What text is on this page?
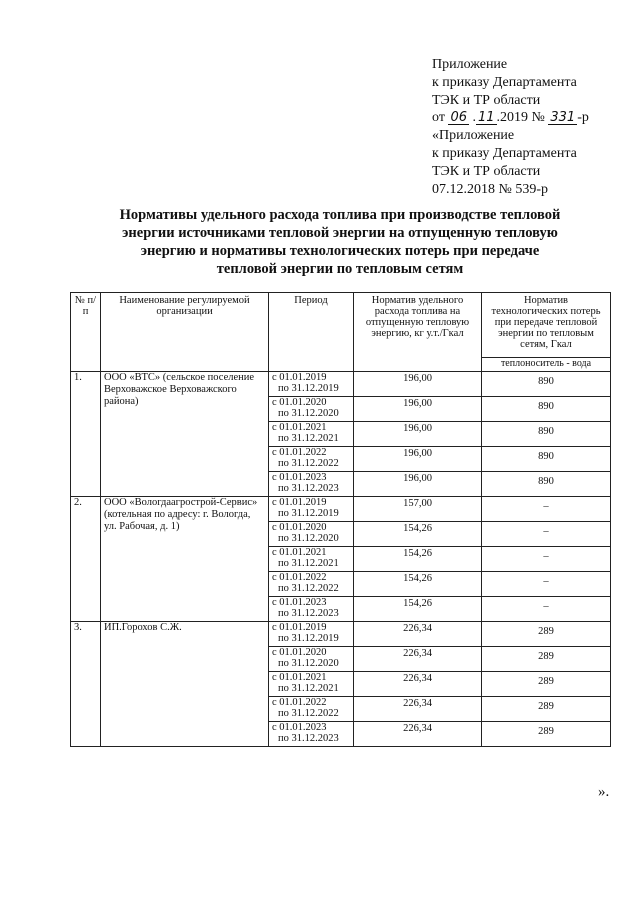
Приложение
к приказу Департамента
ТЭК и ТР области
от 06 . 11 .2019 № 331 -р
«Приложение
к приказу Департамента
ТЭК и ТР области
07.12.2018 № 539-р
Нормативы удельного расхода топлива при производстве тепловой
энергии источниками тепловой энергии на отпущенную тепловую
энергию и нормативы технологических потерь при передаче
тепловой энергии по тепловым сетям
№ п/п	Наименование регулируемой организации	Период	Норматив удельного расхода топлива на отпущенную тепловую энергию, кг у.т./Гкал	Норматив технологических потерь при передаче тепловой энергии по тепловым сетям, Гкал
				теплоноситель - вода
1.	ООО «ВТС» (сельское поселение Верховажское Верховажского района)	с 01.01.2019
по 31.12.2019	196,00	890

		с 01.01.2020
по 31.12.2020	196,00	890

		с 01.01.2021
по 31.12.2021	196,00	890

		с 01.01.2022
по 31.12.2022	196,00	890

		с 01.01.2023
по 31.12.2023	196,00	890
2.	ООО «Вологдаагрострой-Сервис» (котельная по адресу: г. Вологда, ул. Рабочая, д. 1)	с 01.01.2019
по 31.12.2019	157,00	–

		с 01.01.2020
по 31.12.2020	154,26	–

		с 01.01.2021
по 31.12.2021	154,26	–

		с 01.01.2022
по 31.12.2022	154,26	–

		с 01.01.2023
по 31.12.2023	154,26	–
3.	ИП.Горохов С.Ж.	с 01.01.2019
по 31.12.2019	226,34	289

		с 01.01.2020
по 31.12.2020	226,34	289

		с 01.01.2021
по 31.12.2021	226,34	289

		с 01.01.2022
по 31.12.2022	226,34	289

		с 01.01.2023
по 31.12.2023	226,34	289
».
